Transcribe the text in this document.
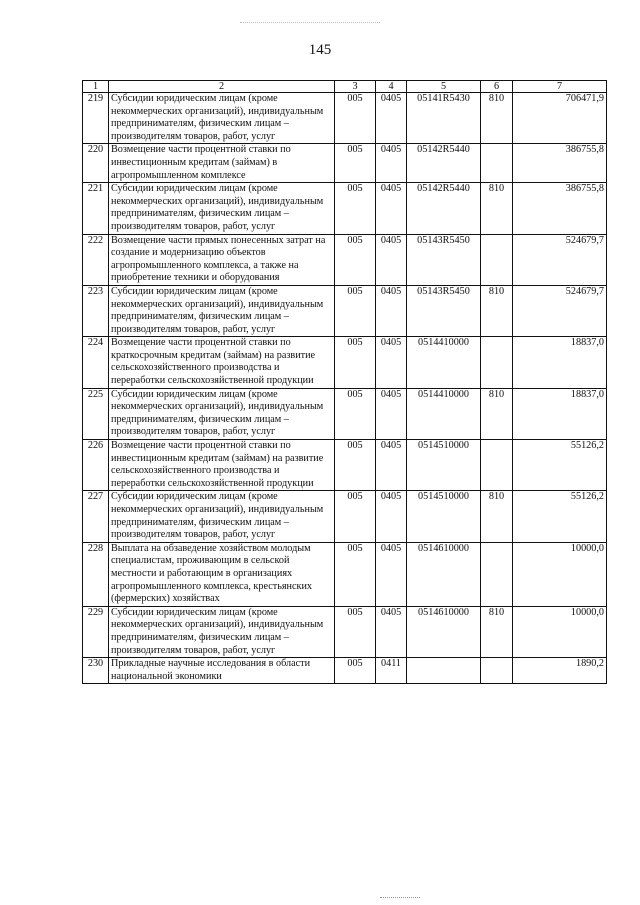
145
1	2	3	4	5	6	7
219	Субсидии юридическим лицам (кроме некоммерческих организаций), индивидуальным предпринимателям, физическим лицам – производителям товаров, работ, услуг	005	0405	05141R5430	810	706471,9
220	Возмещение части процентной ставки по инвестиционным кредитам (займам) в агропромышленном комплексе	005	0405	05142R5440		386755,8
221	Субсидии юридическим лицам (кроме некоммерческих организаций), индивидуальным предпринимателям, физическим лицам – производителям товаров, работ, услуг	005	0405	05142R5440	810	386755,8
222	Возмещение части прямых понесенных затрат на создание и модернизацию объектов агропромышленного комплекса, а также на приобретение техники и оборудования	005	0405	05143R5450		524679,7
223	Субсидии юридическим лицам (кроме некоммерческих организаций), индивидуальным предпринимателям, физическим лицам – производителям товаров, работ, услуг	005	0405	05143R5450	810	524679,7
224	Возмещение части процентной ставки по краткосрочным кредитам (займам) на развитие сельскохозяйственного производства и переработки сельскохозяйственной продукции	005	0405	0514410000		18837,0
225	Субсидии юридическим лицам (кроме некоммерческих организаций), индивидуальным предпринимателям, физическим лицам – производителям товаров, работ, услуг	005	0405	0514410000	810	18837,0
226	Возмещение части процентной ставки по инвестиционным кредитам (займам) на развитие сельскохозяйственного производства и переработки сельскохозяйственной продукции	005	0405	0514510000		55126,2
227	Субсидии юридическим лицам (кроме некоммерческих организаций), индивидуальным предпринимателям, физическим лицам – производителям товаров, работ, услуг	005	0405	0514510000	810	55126,2
228	Выплата на обзаведение хозяйством молодым специалистам, проживающим в сельской местности и работающим в организациях агропромышленного комплекса, крестьянских (фермерских) хозяйствах	005	0405	0514610000		10000,0
229	Субсидии юридическим лицам (кроме некоммерческих организаций), индивидуальным предпринимателям, физическим лицам – производителям товаров, работ, услуг	005	0405	0514610000	810	10000,0
230	Прикладные научные исследования в области национальной экономики	005	0411			1890,2
